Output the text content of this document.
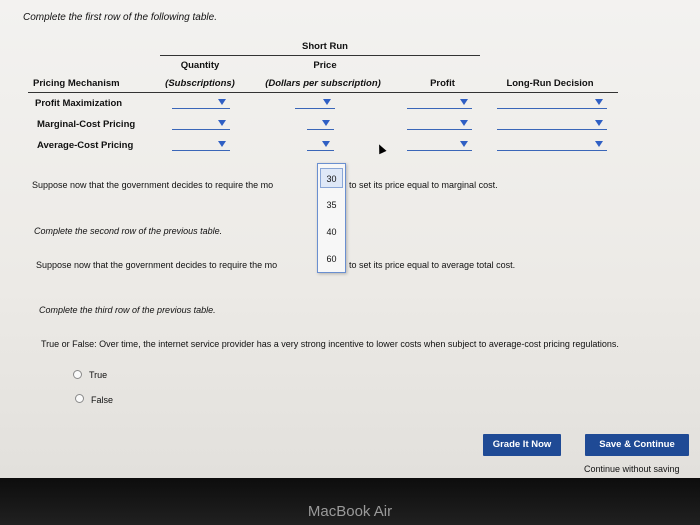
Complete the first row of the following table.
Short Run
Quantity	Price
Pricing Mechanism	(Subscriptions)	(Dollars per subscription)	Profit	Long-Run Decision
Profit Maximization
Marginal-Cost Pricing
Average-Cost Pricing
Suppose now that the government decides to require the mo	to set its price equal to marginal cost.
Complete the second row of the previous table.
Suppose now that the government decides to require the mo	to set its price equal to average total cost.
30
35
40
60
Complete the third row of the previous table.
True or False: Over time, the internet service provider has a very strong incentive to lower costs when subject to average-cost pricing regulations.
True
False
Grade It Now	Save & Continue
Continue without saving
MacBook Air
